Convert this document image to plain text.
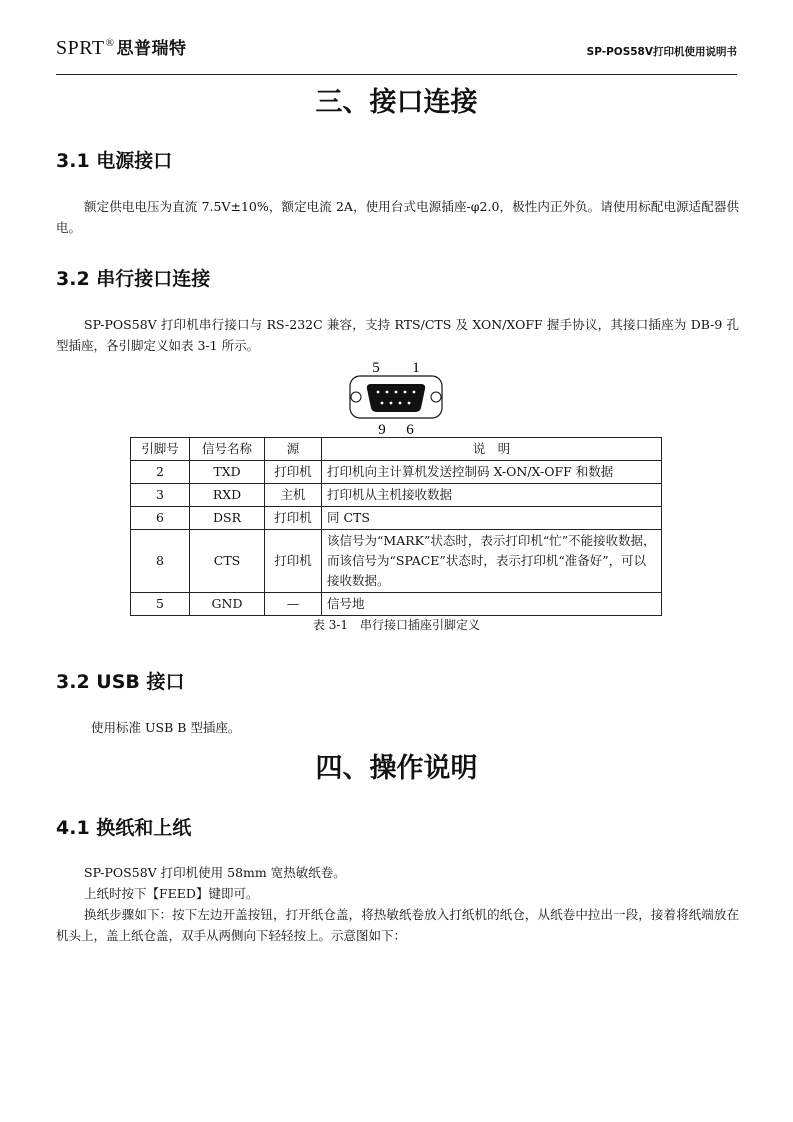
SPRT® 思普瑞特	SP-POS58V打印机使用说明书
三、接口连接
3.1 电源接口

额定供电电压为直流 7.5V±10%，额定电流 2A，使用台式电源插座-φ2.0，极性内正外负。请使用标配电源适配器供电。

3.2 串行接口连接

SP-POS58V 打印机串行接口与 RS-232C 兼容，支持 RTS/CTS 及 XON/XOFF 握手协议，其接口插座为 DB-9 孔型插座，各引脚定义如表 3-1 所示。

5 1
9 6
引脚号	信号名称	源	说　明
2	TXD	打印机	打印机向主计算机发送控制码 X-ON/X-OFF 和数据
3	RXD	主机	打印机从主机接收数据
6	DSR	打印机	同 CTS
8	CTS	打印机	该信号为“MARK”状态时，表示打印机“忙”不能接收数据，而该信号为“SPACE”状态时，表示打印机“准备好”，可以接收数据。
5	GND	—	信号地

表 3-1　串行接口插座引脚定义

3.2 USB 接口

使用标准 USB B 型插座。

四、操作说明
4.1 换纸和上纸

SP-POS58V 打印机使用 58mm 宽热敏纸卷。

上纸时按下【FEED】键即可。

换纸步骤如下：按下左边开盖按钮，打开纸仓盖，将热敏纸卷放入打纸机的纸仓，从纸卷中拉出一段，接着将纸端放在机头上，盖上纸仓盖，双手从两侧向下轻轻按上。示意图如下：
